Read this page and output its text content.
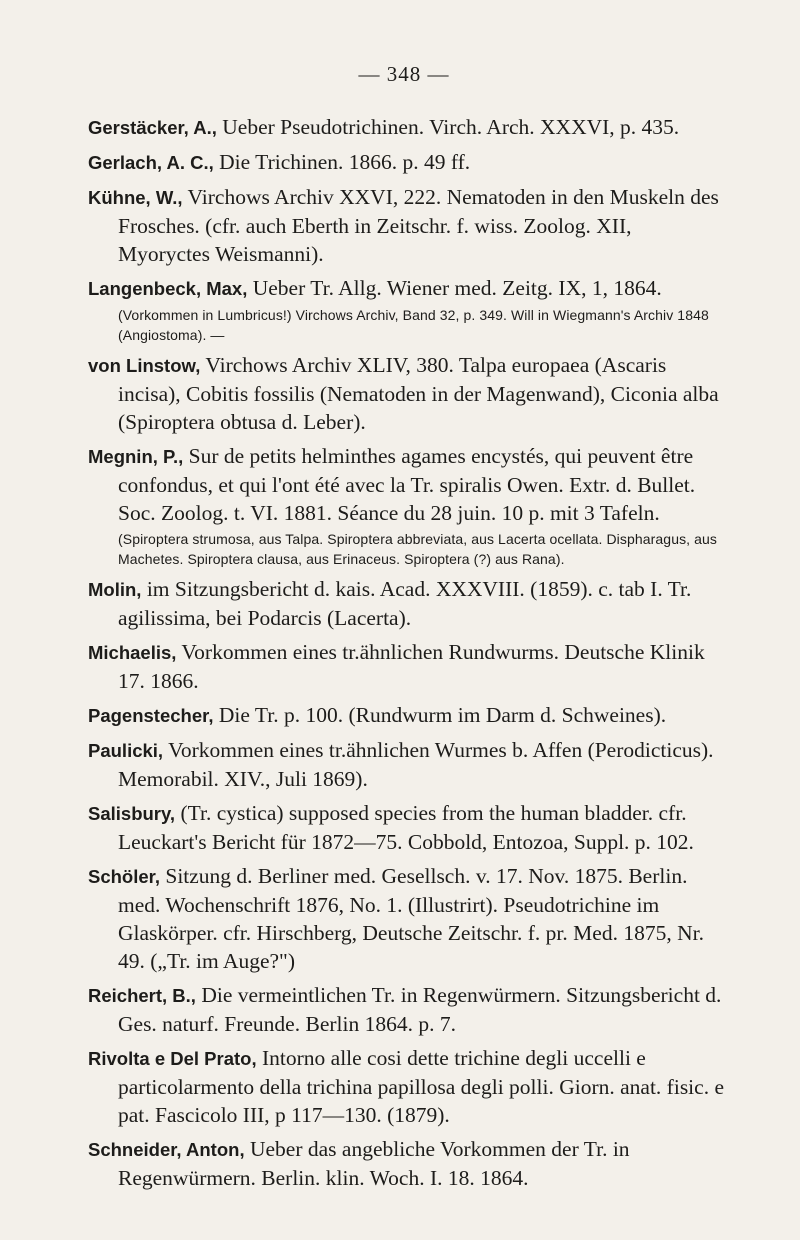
— 348 —
Gerstäcker, A., Ueber Pseudotrichinen. Virch. Arch. XXXVI, p. 435.
Gerlach, A. C., Die Trichinen. 1866. p. 49 ff.
Kühne, W., Virchows Archiv XXVI, 222. Nematoden in den Muskeln des Frosches. (cfr. auch Eberth in Zeitschr. f. wiss. Zoolog. XII, Myoryctes Weismanni).
Langenbeck, Max, Ueber Tr. Allg. Wiener med. Zeitg. IX, 1, 1864.
(Vorkommen in Lumbricus!) Virchows Archiv, Band 32, p. 349. Will in Wiegmann's Archiv 1848 (Angiostoma). —
von Linstow, Virchows Archiv XLIV, 380. Talpa europaea (Ascaris incisa), Cobitis fossilis (Nematoden in der Magenwand), Ciconia alba (Spiroptera obtusa d. Leber).
Megnin, P., Sur de petits helminthes agames encystés, qui peuvent être confondus, et qui l'ont été avec la Tr. spiralis Owen. Extr. d. Bullet. Soc. Zoolog. t. VI. 1881. Séance du 28 juin. 10 p. mit 3 Tafeln.
(Spiroptera strumosa, aus Talpa. Spiroptera abbreviata, aus Lacerta ocellata. Dispharagus, aus Machetes. Spiroptera clausa, aus Erinaceus. Spiroptera (?) aus Rana).
Molin, im Sitzungsbericht d. kais. Acad. XXXVIII. (1859). c. tab I. Tr. agilissima, bei Podarcis (Lacerta).
Michaelis, Vorkommen eines tr.ähnlichen Rundwurms. Deutsche Klinik 17. 1866.
Pagenstecher, Die Tr. p. 100. (Rundwurm im Darm d. Schweines).
Paulicki, Vorkommen eines tr.ähnlichen Wurmes b. Affen (Perodicticus). Memorabil. XIV., Juli 1869).
Salisbury, (Tr. cystica) supposed species from the human bladder. cfr. Leuckart's Bericht für 1872—75. Cobbold, Entozoa, Suppl. p. 102.
Schöler, Sitzung d. Berliner med. Gesellsch. v. 17. Nov. 1875. Berlin. med. Wochenschrift 1876, No. 1. (Illustrirt). Pseudotrichine im Glaskörper. cfr. Hirschberg, Deutsche Zeitschr. f. pr. Med. 1875, Nr. 49. („Tr. im Auge?")
Reichert, B., Die vermeintlichen Tr. in Regenwürmern. Sitzungsbericht d. Ges. naturf. Freunde. Berlin 1864. p. 7.
Rivolta e Del Prato, Intorno alle cosi dette trichine degli uccelli e particolarmento della trichina papillosa degli polli. Giorn. anat. fisic. e pat. Fascicolo III, p 117—130. (1879).
Schneider, Anton, Ueber das angebliche Vorkommen der Tr. in Regenwürmern. Berlin. klin. Woch. I. 18. 1864.
